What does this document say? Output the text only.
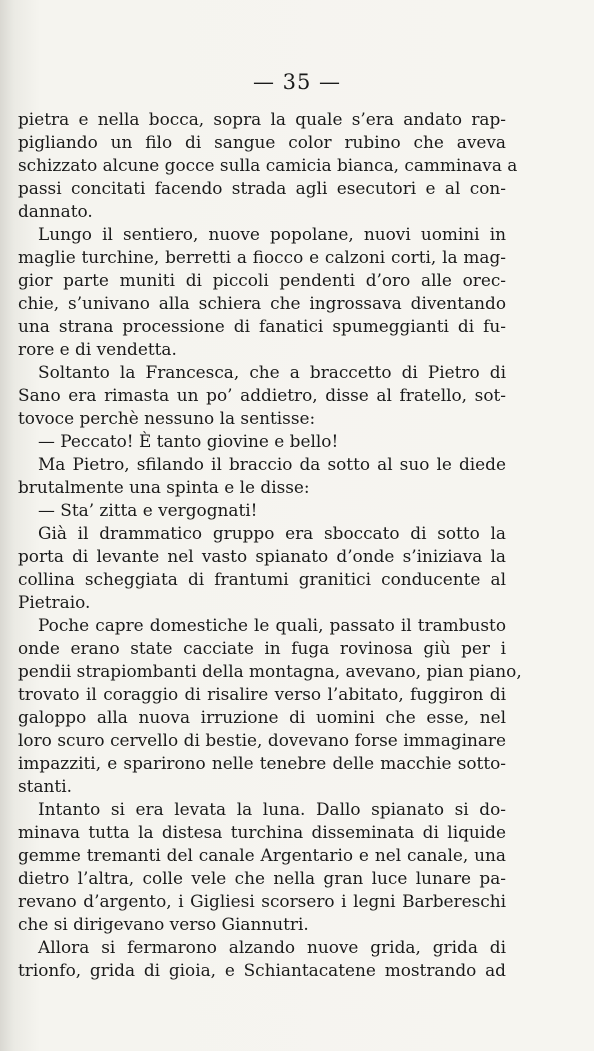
— 35 —
pietra e nella bocca, sopra la quale s’era andato rap-
pigliando un filo di sangue color rubino che aveva
schizzato alcune gocce sulla camicia bianca, camminava a
passi concitati facendo strada agli esecutori e al con-
dannato.
Lungo il sentiero, nuove popolane, nuovi uomini in
maglie turchine, berretti a fiocco e calzoni corti, la mag-
gior parte muniti di piccoli pendenti d’oro alle orec-
chie, s’univano alla schiera che ingrossava diventando
una strana processione di fanatici spumeggianti di fu-
rore e di vendetta.
Soltanto la Francesca, che a braccetto di Pietro di
Sano era rimasta un po’ addietro, disse al fratello, sot-
tovoce perchè nessuno la sentisse:
— Peccato! È tanto giovine e bello!
Ma Pietro, sfilando il braccio da sotto al suo le diede
brutalmente una spinta e le disse:
— Sta’ zitta e vergognati!
Già il drammatico gruppo era sboccato di sotto la
porta di levante nel vasto spianato d’onde s’iniziava la
collina scheggiata di frantumi granitici conducente al
Pietraio.
Poche capre domestiche le quali, passato il trambusto
onde erano state cacciate in fuga rovinosa giù per i
pendii strapiombanti della montagna, avevano, pian piano,
trovato il coraggio di risalire verso l’abitato, fuggiron di
galoppo alla nuova irruzione di uomini che esse, nel
loro scuro cervello di bestie, dovevano forse immaginare
impazziti, e sparirono nelle tenebre delle macchie sotto-
stanti.
Intanto si era levata la luna. Dallo spianato si do-
minava tutta la distesa turchina disseminata di liquide
gemme tremanti del canale Argentario e nel canale, una
dietro l’altra, colle vele che nella gran luce lunare pa-
revano d’argento, i Gigliesi scorsero i legni Barbereschi
che si dirigevano verso Giannutri.
Allora si fermarono alzando nuove grida, grida di
trionfo, grida di gioia, e Schiantacatene mostrando ad
